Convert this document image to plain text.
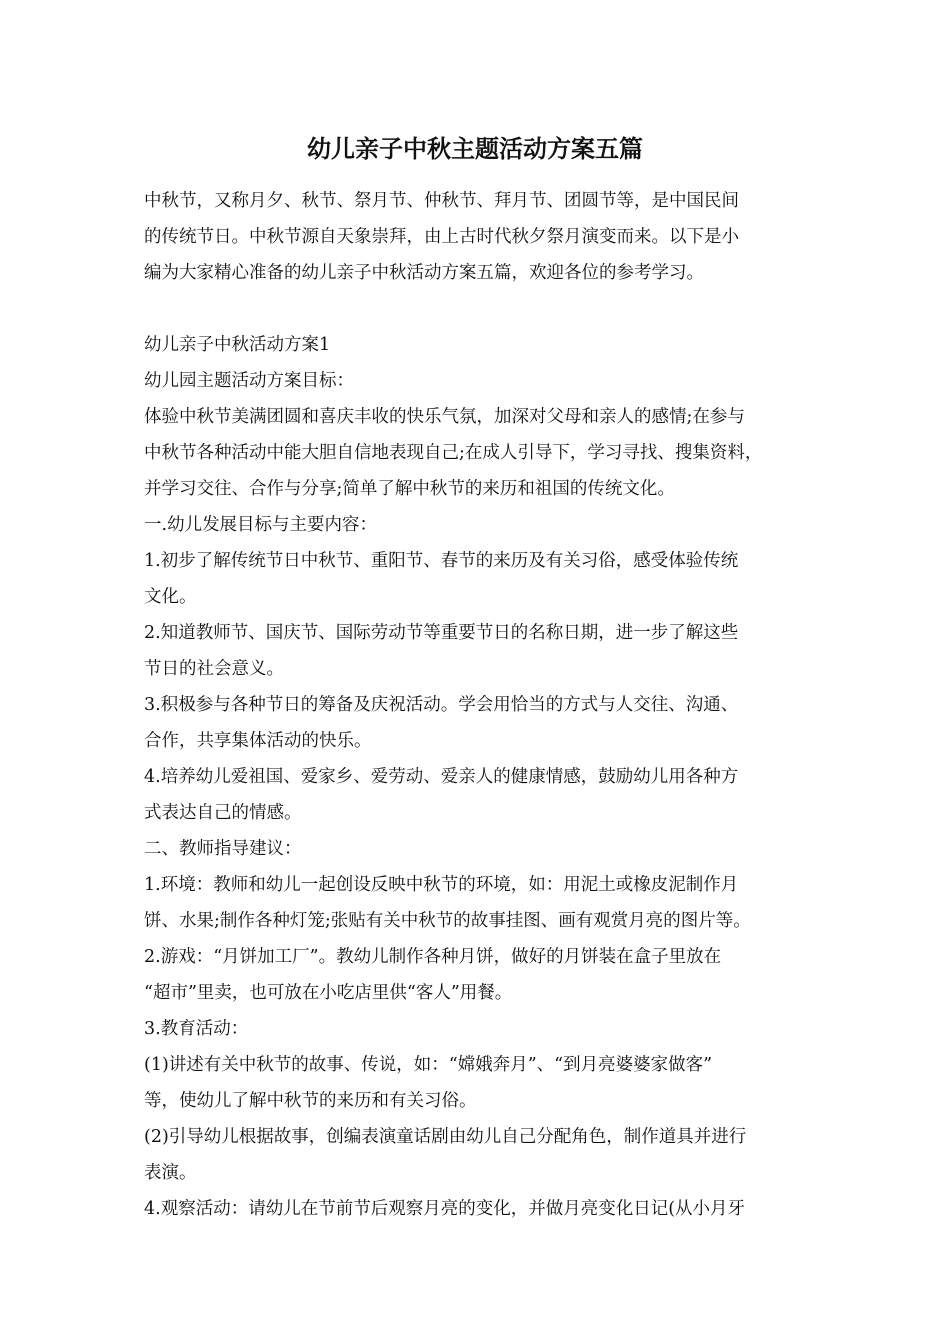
幼儿亲子中秋主题活动方案五篇
中秋节，又称月夕、秋节、祭月节、仲秋节、拜月节、团圆节等，是中国民间
的传统节日。中秋节源自天象崇拜，由上古时代秋夕祭月演变而来。以下是小
编为大家精心准备的幼儿亲子中秋活动方案五篇，欢迎各位的参考学习。
幼儿亲子中秋活动方案1
幼儿园主题活动方案目标：
体验中秋节美满团圆和喜庆丰收的快乐气氛，加深对父母和亲人的感情;在参与
中秋节各种活动中能大胆自信地表现自己;在成人引导下，学习寻找、搜集资料，
并学习交往、合作与分享;简单了解中秋节的来历和祖国的传统文化。
一.幼儿发展目标与主要内容：
1.初步了解传统节日中秋节、重阳节、春节的来历及有关习俗，感受体验传统
文化。
2.知道教师节、国庆节、国际劳动节等重要节日的名称日期，进一步了解这些
节日的社会意义。
3.积极参与各种节日的筹备及庆祝活动。学会用恰当的方式与人交往、沟通、
合作，共享集体活动的快乐。
4.培养幼儿爱祖国、爱家乡、爱劳动、爱亲人的健康情感，鼓励幼儿用各种方
式表达自己的情感。
二、教师指导建议：
1.环境：教师和幼儿一起创设反映中秋节的环境，如：用泥土或橡皮泥制作月
饼、水果;制作各种灯笼;张贴有关中秋节的故事挂图、画有观赏月亮的图片等。
2.游戏：“月饼加工厂”。教幼儿制作各种月饼，做好的月饼装在盒子里放在
“超市”里卖，也可放在小吃店里供“客人”用餐。
3.教育活动：
(1)讲述有关中秋节的故事、传说，如：“嫦娥奔月”、“到月亮婆婆家做客”
等，使幼儿了解中秋节的来历和有关习俗。
(2)引导幼儿根据故事，创编表演童话剧由幼儿自己分配角色，制作道具并进行
表演。
4.观察活动：请幼儿在节前节后观察月亮的变化，并做月亮变化日记(从小月牙
